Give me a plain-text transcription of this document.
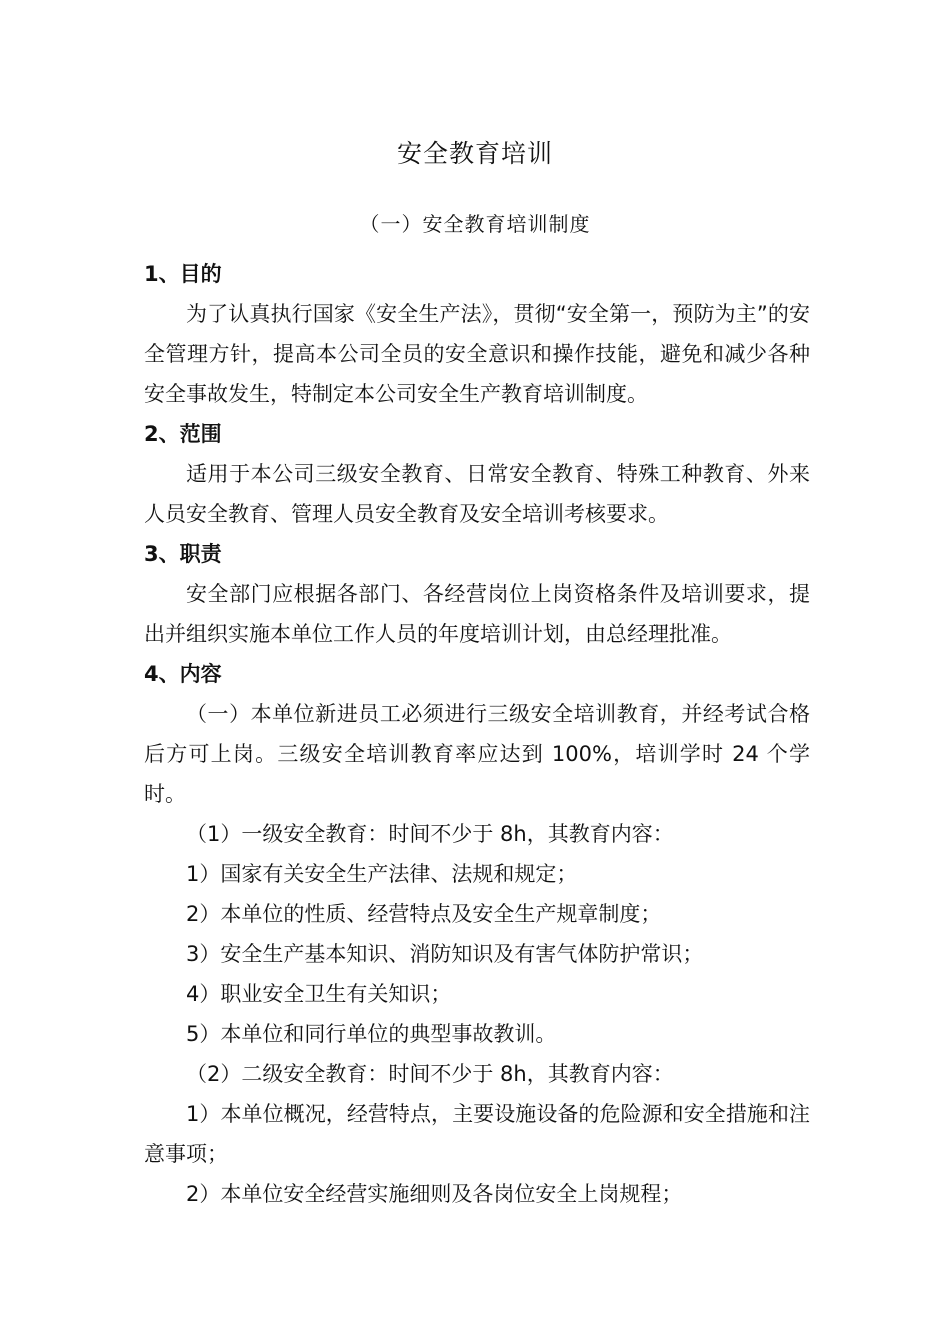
安全教育培训
（一）安全教育培训制度

1、目的

为了认真执行国家《安全生产法》，贯彻“安全第一，预防为主”的安全管理方针，提高本公司全员的安全意识和操作技能，避免和减少各种安全事故发生，特制定本公司安全生产教育培训制度。

2、范围

适用于本公司三级安全教育、日常安全教育、特殊工种教育、外来人员安全教育、管理人员安全教育及安全培训考核要求。

3、职责

安全部门应根据各部门、各经营岗位上岗资格条件及培训要求，提出并组织实施本单位工作人员的年度培训计划，由总经理批准。

4、内容

（一）本单位新进员工必须进行三级安全培训教育，并经考试合格后方可上岗。三级安全培训教育率应达到 100%，培训学时 24 个学时。

（1）一级安全教育：时间不少于 8h，其教育内容：

1）国家有关安全生产法律、法规和规定；

2）本单位的性质、经营特点及安全生产规章制度；

3）安全生产基本知识、消防知识及有害气体防护常识；

4）职业安全卫生有关知识；

5）本单位和同行单位的典型事故教训。

（2）二级安全教育：时间不少于 8h，其教育内容：

1）本单位概况，经营特点，主要设施设备的危险源和安全措施和注意事项；

2）本单位安全经营实施细则及各岗位安全上岗规程；
